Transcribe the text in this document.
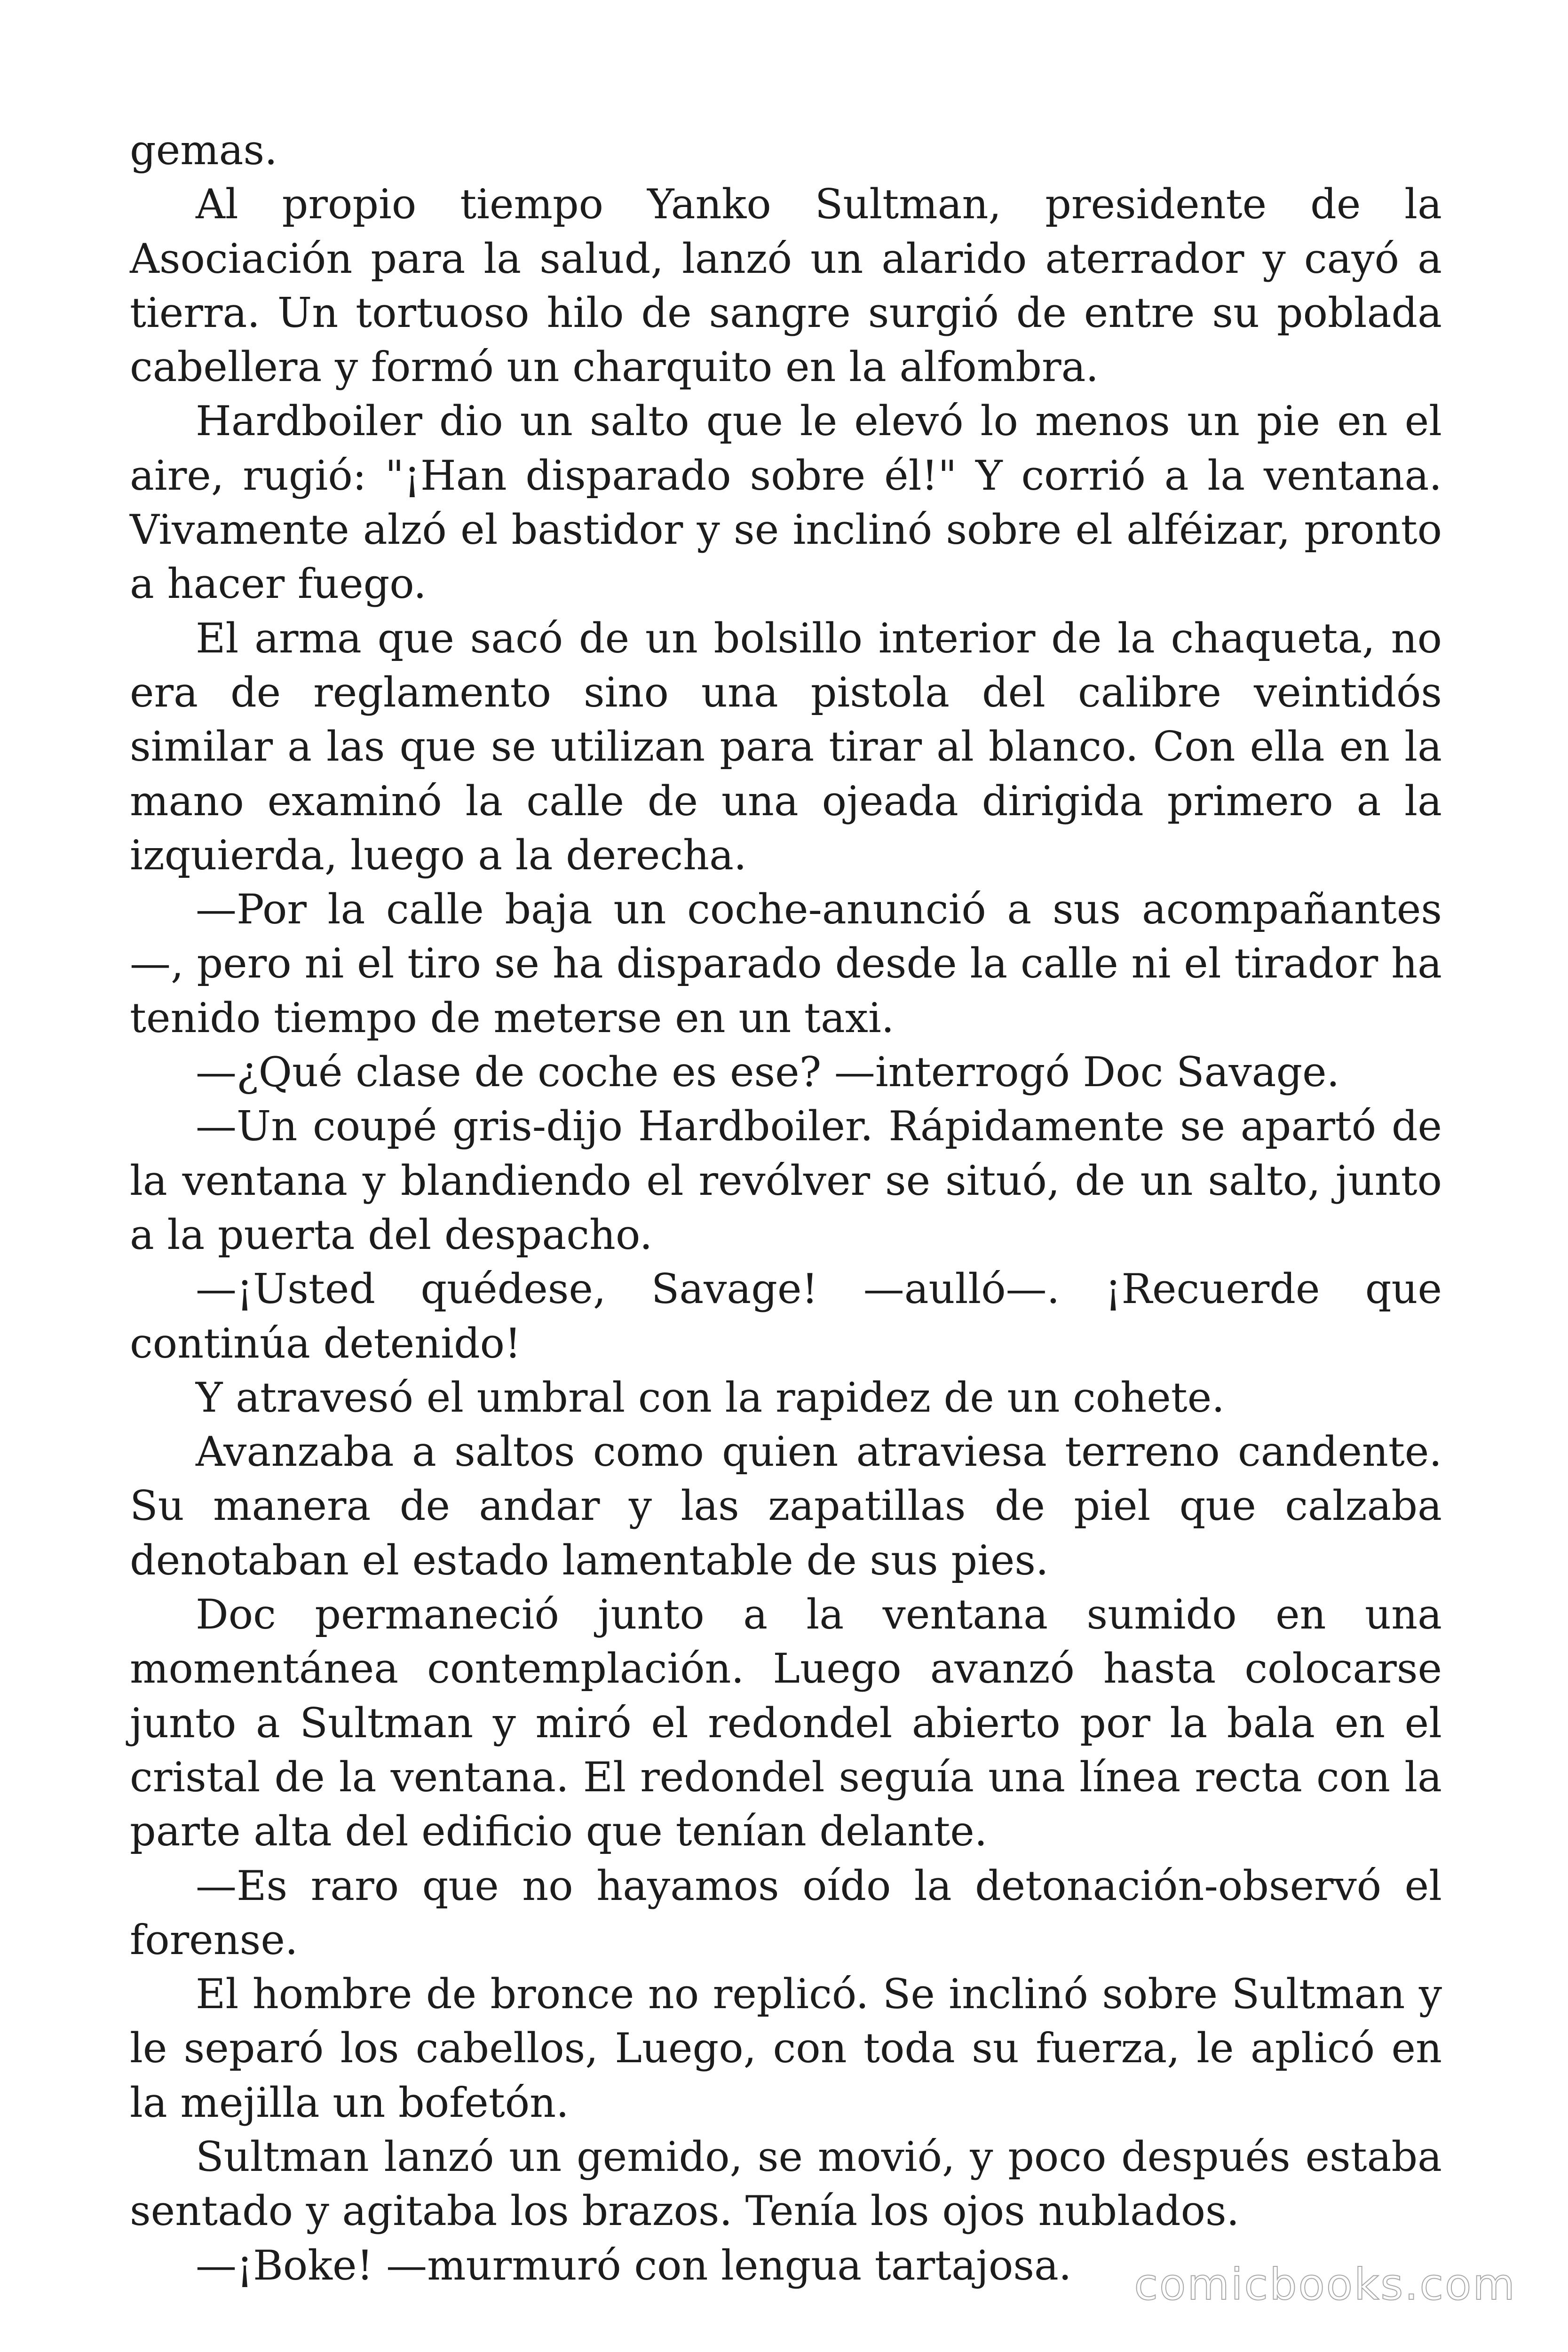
gemas.

Al propio tiempo Yanko Sultman, presidente de la Asociación para la salud, lanzó un alarido aterrador y cayó a tierra. Un tortuoso hilo de sangre surgió de entre su poblada cabellera y formó un charquito en la alfombra.

Hardboiler dio un salto que le elevó lo menos un pie en el aire, rugió: "¡Han disparado sobre él!" Y corrió a la ventana. Vivamente alzó el bastidor y se inclinó sobre el alféizar, pronto a hacer fuego.

El arma que sacó de un bolsillo interior de la chaqueta, no era de reglamento sino una pistola del calibre veintidós similar a las que se utilizan para tirar al blanco. Con ella en la mano examinó la calle de una ojeada dirigida primero a la izquierda, luego a la derecha.

—Por la calle baja un coche-anunció a sus acompañantes —, pero ni el tiro se ha disparado desde la calle ni el tirador ha tenido tiempo de meterse en un taxi.

—¿Qué clase de coche es ese? —interrogó Doc Savage.

—Un coupé gris-dijo Hardboiler. Rápidamente se apartó de la ventana y blandiendo el revólver se situó, de un salto, junto a la puerta del despacho.

—¡Usted quédese, Savage! —aulló—. ¡Recuerde que continúa detenido!

Y atravesó el umbral con la rapidez de un cohete.

Avanzaba a saltos como quien atraviesa terreno candente. Su manera de andar y las zapatillas de piel que calzaba denotaban el estado lamentable de sus pies.

Doc permaneció junto a la ventana sumido en una momentánea contemplación. Luego avanzó hasta colocarse junto a Sultman y miró el redondel abierto por la bala en el cristal de la ventana. El redondel seguía una línea recta con la parte alta del edificio que tenían delante.

—Es raro que no hayamos oído la detonación-observó el forense.

El hombre de bronce no replicó. Se inclinó sobre Sultman y le separó los cabellos, Luego, con toda su fuerza, le aplicó en la mejilla un bofetón.

Sultman lanzó un gemido, se movió, y poco después estaba sentado y agitaba los brazos. Tenía los ojos nublados.

—¡Boke! —murmuró con lengua tartajosa.	comicbooks.com
